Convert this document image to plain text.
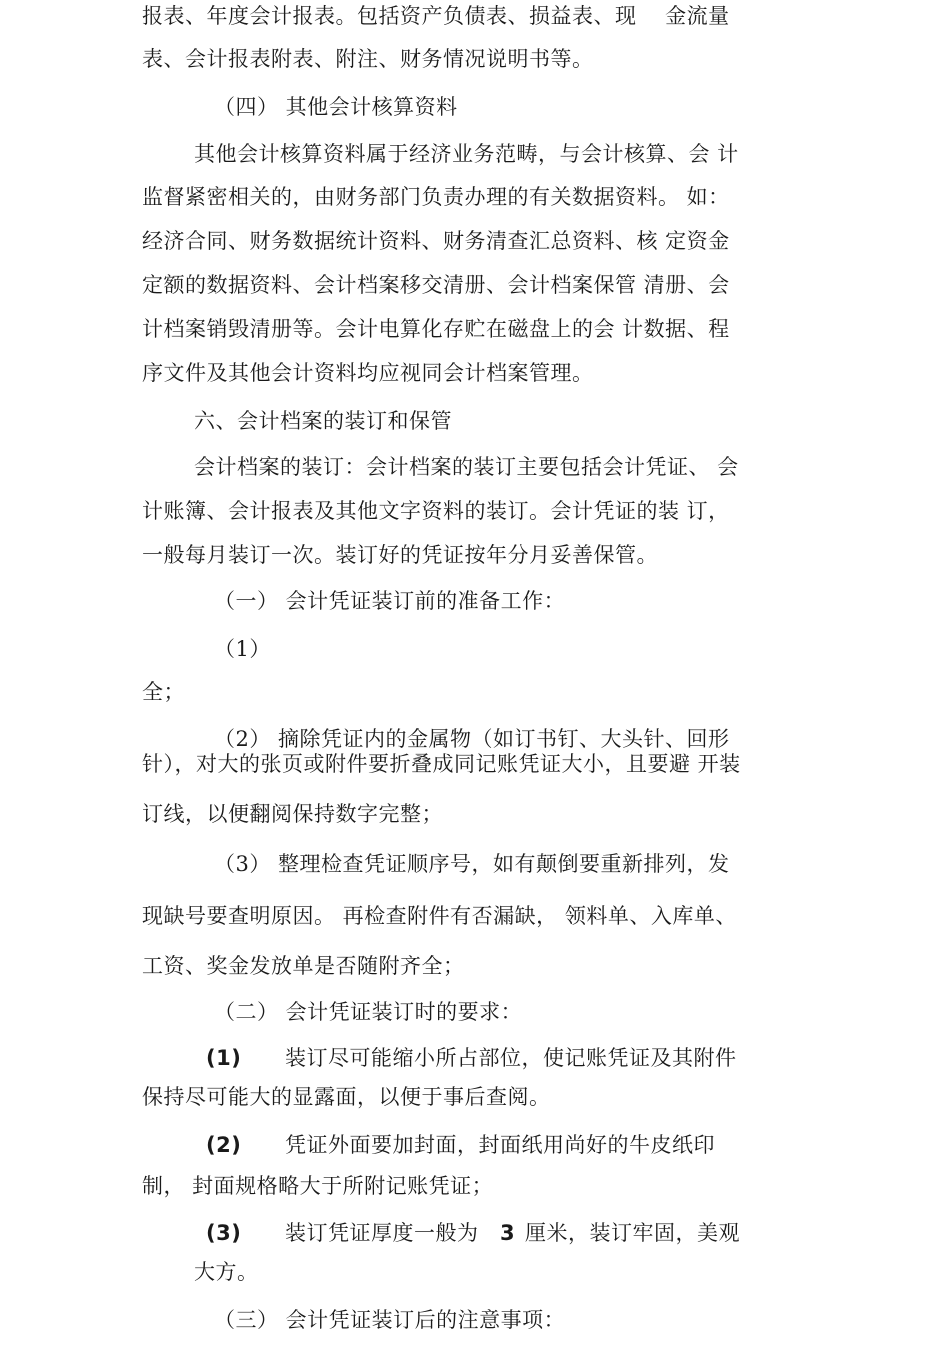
报表、年度会计报表。包括资产负债表、损益表、现　 金流量
表、会计报表附表、附注、财务情况说明书等。
（四） 其他会计核算资料
其他会计核算资料属于经济业务范畴，与会计核算、会 计
监督紧密相关的，由财务部门负责办理的有关数据资料。 如：
经济合同、财务数据统计资料、财务清查汇总资料、核 定资金
定额的数据资料、会计档案移交清册、会计档案保管 清册、会
计档案销毁清册等。会计电算化存贮在磁盘上的会 计数据、程
序文件及其他会计资料均应视同会计档案管理。
六、会计档案的装订和保管
会计档案的装订：会计档案的装订主要包括会计凭证、 会
计账簿、会计报表及其他文字资料的装订。会计凭证的装 订，
一般每月装订一次。装订好的凭证按年分月妥善保管。
（一） 会计凭证装订前的准备工作：
（1）
全；
（2） 摘除凭证内的金属物（如订书钉、大头针、回形
针），对大的张页或附件要折叠成同记账凭证大小，且要避 开装
订线，以便翻阅保持数字完整；
（3） 整理检查凭证顺序号，如有颠倒要重新排列，发
现缺号要查明原因。 再检查附件有否漏缺， 领料单、入库单、
工资、奖金发放单是否随附齐全；
（二） 会计凭证装订时的要求：
(1) 装订尽可能缩小所占部位，使记账凭证及其附件
保持尽可能大的显露面，以便于事后查阅。
(2) 凭证外面要加封面，封面纸用尚好的牛皮纸印
制， 封面规格略大于所附记账凭证；
(3) 装订凭证厚度一般为 3 厘米，装订牢固，美观
大方。
（三） 会计凭证装订后的注意事项：
